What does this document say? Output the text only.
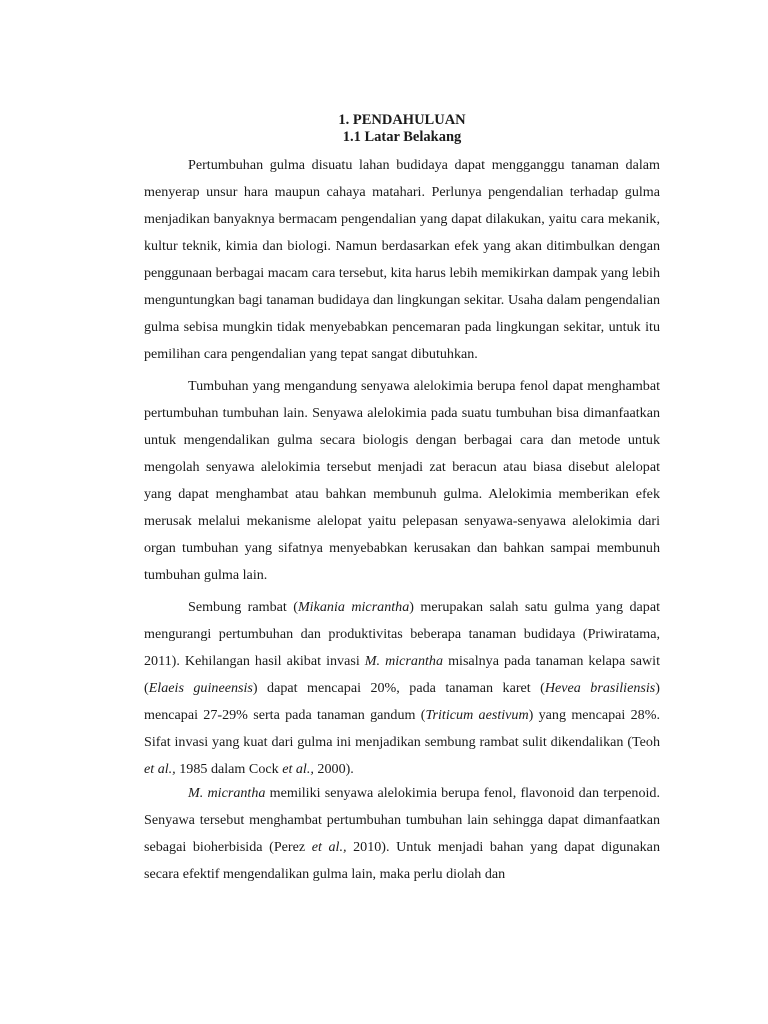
1. PENDAHULUAN
1.1 Latar Belakang

Pertumbuhan gulma disuatu lahan budidaya dapat mengganggu tanaman dalam menyerap unsur hara maupun cahaya matahari. Perlunya pengendalian terhadap gulma menjadikan banyaknya bermacam pengendalian yang dapat dilakukan, yaitu cara mekanik, kultur teknik, kimia dan biologi. Namun berdasarkan efek yang akan ditimbulkan dengan penggunaan berbagai macam cara tersebut, kita harus lebih memikirkan dampak yang lebih menguntungkan bagi tanaman budidaya dan lingkungan sekitar. Usaha dalam pengendalian gulma sebisa mungkin tidak menyebabkan pencemaran pada lingkungan sekitar, untuk itu pemilihan cara pengendalian yang tepat sangat dibutuhkan.

Tumbuhan yang mengandung senyawa alelokimia berupa fenol dapat menghambat pertumbuhan tumbuhan lain. Senyawa alelokimia pada suatu tumbuhan bisa dimanfaatkan untuk mengendalikan gulma secara biologis dengan berbagai cara dan metode untuk mengolah senyawa alelokimia tersebut menjadi zat beracun atau biasa disebut alelopat yang dapat menghambat atau bahkan membunuh gulma. Alelokimia memberikan efek merusak melalui mekanisme alelopat yaitu pelepasan senyawa-senyawa alelokimia dari organ tumbuhan yang sifatnya menyebabkan kerusakan dan bahkan sampai membunuh tumbuhan gulma lain.

Sembung rambat (Mikania micrantha) merupakan salah satu gulma yang dapat mengurangi pertumbuhan dan produktivitas beberapa tanaman budidaya (Priwiratama, 2011). Kehilangan hasil akibat invasi M. micrantha misalnya pada tanaman kelapa sawit (Elaeis guineensis) dapat mencapai 20%, pada tanaman karet (Hevea brasiliensis) mencapai 27-29% serta pada tanaman gandum (Triticum aestivum) yang mencapai 28%. Sifat invasi yang kuat dari gulma ini menjadikan sembung rambat sulit dikendalikan (Teoh et al., 1985 dalam Cock et al., 2000).

M. micrantha memiliki senyawa alelokimia berupa fenol, flavonoid dan terpenoid. Senyawa tersebut menghambat pertumbuhan tumbuhan lain sehingga dapat dimanfaatkan sebagai bioherbisida (Perez et al., 2010). Untuk menjadi bahan yang dapat digunakan secara efektif mengendalikan gulma lain, maka perlu diolah dan
